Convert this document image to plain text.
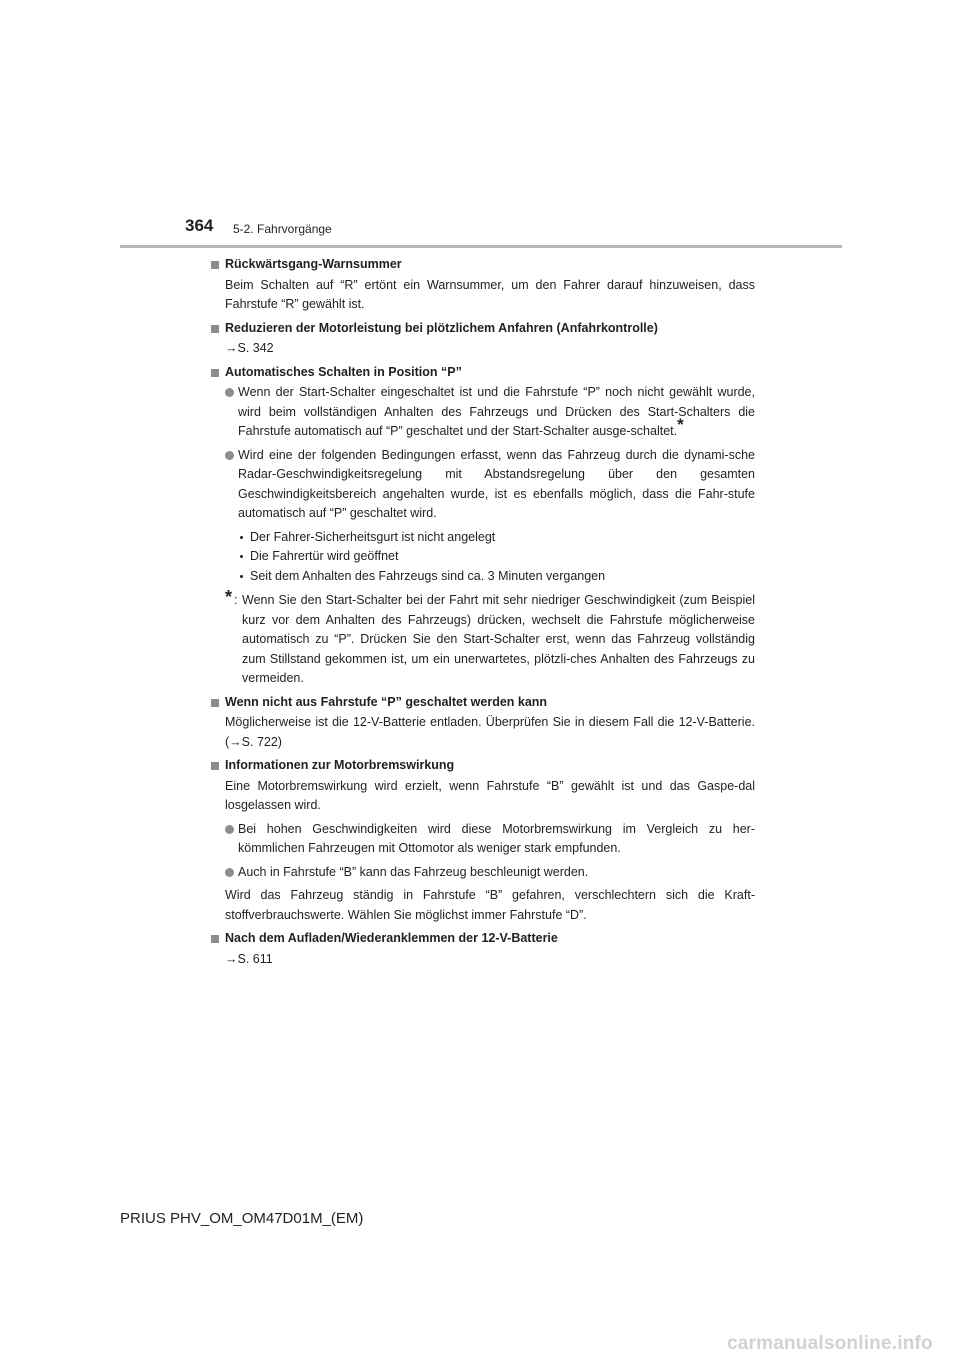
364 5-2. Fahrvorgänge
Rückwärtsgang-Warnsummer
Beim Schalten auf “R” ertönt ein Warnsummer, um den Fahrer darauf hinzuweisen, dass Fahrstufe “R” gewählt ist.
Reduzieren der Motorleistung bei plötzlichem Anfahren (Anfahrkontrolle)
→S. 342
Automatisches Schalten in Position “P”
Wenn der Start-Schalter eingeschaltet ist und die Fahrstufe “P” noch nicht gewählt wurde, wird beim vollständigen Anhalten des Fahrzeugs und Drücken des Start-Schalters die Fahrstufe automatisch auf “P” geschaltet und der Start-Schalter ausge-schaltet.*
Wird eine der folgenden Bedingungen erfasst, wenn das Fahrzeug durch die dynami-sche Radar-Geschwindigkeitsregelung mit Abstandsregelung über den gesamten Geschwindigkeitsbereich angehalten wurde, ist es ebenfalls möglich, dass die Fahr-stufe automatisch auf “P” geschaltet wird.
Der Fahrer-Sicherheitsgurt ist nicht angelegt
Die Fahrertür wird geöffnet
Seit dem Anhalten des Fahrzeugs sind ca. 3 Minuten vergangen
* : Wenn Sie den Start-Schalter bei der Fahrt mit sehr niedriger Geschwindigkeit (zum Beispiel kurz vor dem Anhalten des Fahrzeugs) drücken, wechselt die Fahrstufe möglicherweise automatisch zu “P”. Drücken Sie den Start-Schalter erst, wenn das Fahrzeug vollständig zum Stillstand gekommen ist, um ein unerwartetes, plötzli-ches Anhalten des Fahrzeugs zu vermeiden.
Wenn nicht aus Fahrstufe “P” geschaltet werden kann
Möglicherweise ist die 12-V-Batterie entladen. Überprüfen Sie in diesem Fall die 12-V-Batterie. (→S. 722)
Informationen zur Motorbremswirkung
Eine Motorbremswirkung wird erzielt, wenn Fahrstufe “B” gewählt ist und das Gaspe-dal losgelassen wird.
Bei hohen Geschwindigkeiten wird diese Motorbremswirkung im Vergleich zu her-kömmlichen Fahrzeugen mit Ottomotor als weniger stark empfunden.
Auch in Fahrstufe “B” kann das Fahrzeug beschleunigt werden.
Wird das Fahrzeug ständig in Fahrstufe “B” gefahren, verschlechtern sich die Kraft-stoffverbrauchswerte. Wählen Sie möglichst immer Fahrstufe “D”.
Nach dem Aufladen/Wiederanklemmen der 12-V-Batterie
→S. 611
PRIUS PHV_OM_OM47D01M_(EM)
carmanualsonline.info
